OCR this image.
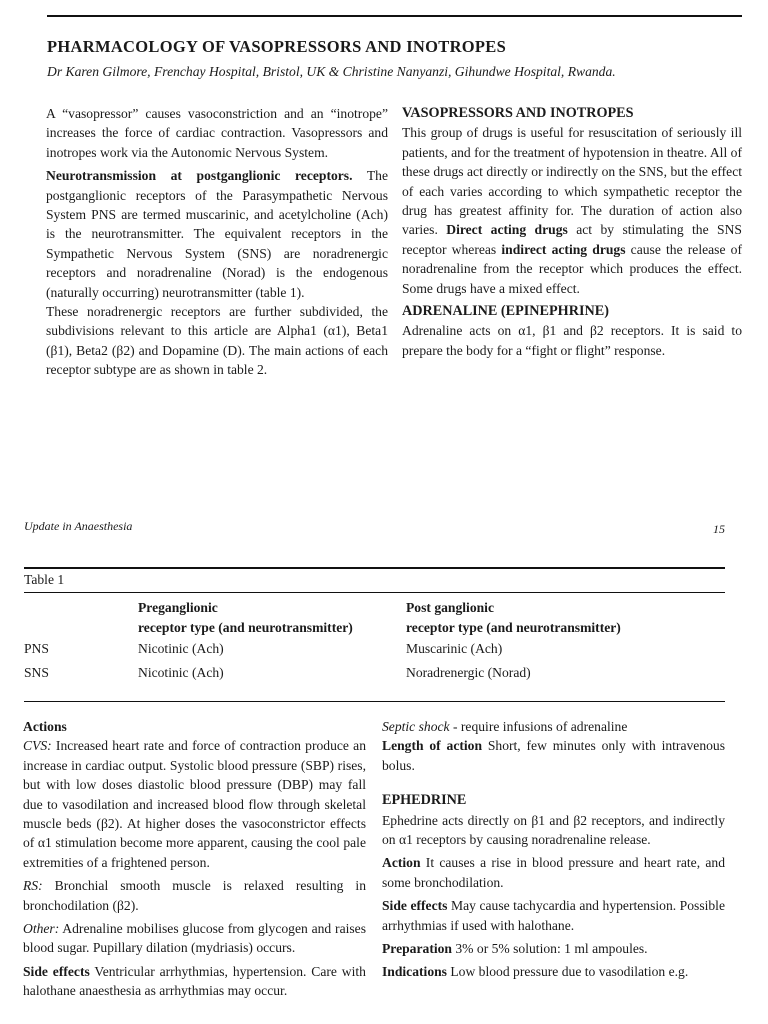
PHARMACOLOGY OF VASOPRESSORS AND INOTROPES
Dr Karen Gilmore, Frenchay Hospital, Bristol, UK & Christine Nanyanzi, Gihundwe Hospital, Rwanda.

A “vasopressor” causes vasoconstriction and an “inotrope” increases the force of cardiac contraction. Vasopressors and inotropes work via the Autonomic Nervous System.

Neurotransmission at postganglionic receptors. The postganglionic receptors of the Parasympathetic Nervous System PNS are termed muscarinic, and acetylcholine (Ach) is the neurotransmitter. The equivalent receptors in the Sympathetic Nervous System (SNS) are noradrenergic receptors and noradrenaline (Norad) is the endogenous (naturally occurring) neurotransmitter (table 1).

These noradrenergic receptors are further subdivided, the subdivisions relevant to this article are Alpha1 (α1), Beta1 (β1), Beta2 (β2) and Dopamine (D). The main actions of each receptor subtype are as shown in table 2.

VASOPRESSORS AND INOTROPES

This group of drugs is useful for resuscitation of seriously ill patients, and for the treatment of hypotension in theatre. All of these drugs act directly or indirectly on the SNS, but the effect of each varies according to which sympathetic receptor the drug has greatest affinity for. The duration of action also varies. Direct acting drugs act by stimulating the SNS receptor whereas indirect acting drugs cause the release of noradrenaline from the receptor which produces the effect. Some drugs have a mixed effect.

ADRENALINE (EPINEPHRINE)

Adrenaline acts on α1, β1 and β2 receptors. It is said to prepare the body for a “fight or flight” response.

Update in Anaesthesia	15
Table 1
Preganglionic
receptor type (and neurotransmitter)
Post ganglionic
receptor type (and neurotransmitter)
PNS	Nicotinic (Ach)	Muscarinic (Ach)
SNS	Nicotinic (Ach)	Noradrenergic (Norad)

Actions

CVS: Increased heart rate and force of contraction produce an increase in cardiac output. Systolic blood pressure (SBP) rises, but with low doses diastolic blood pressure (DBP) may fall due to vasodilation and increased blood flow through skeletal muscle beds (β2). At higher doses the vasoconstrictor effects of α1 stimulation become more apparent, causing the cool pale extremities of a frightened person.

RS: Bronchial smooth muscle is relaxed resulting in bronchodilation (β2).

Other: Adrenaline mobilises glucose from glycogen and raises blood sugar. Pupillary dilation (mydriasis) occurs.

Side effects Ventricular arrhythmias, hypertension. Care with halothane anaesthesia as arrhythmias may occur.

Septic shock - require infusions of adrenaline

Length of action Short, few minutes only with intravenous bolus.

EPHEDRINE

Ephedrine acts directly on β1 and β2 receptors, and indirectly on α1 receptors by causing noradrenaline release.

Action It causes a rise in blood pressure and heart rate, and some bronchodilation.

Side effects May cause tachycardia and hypertension. Possible arrhythmias if used with halothane.

Preparation 3% or 5% solution: 1 ml ampoules.

Indications Low blood pressure due to vasodilation e.g.
